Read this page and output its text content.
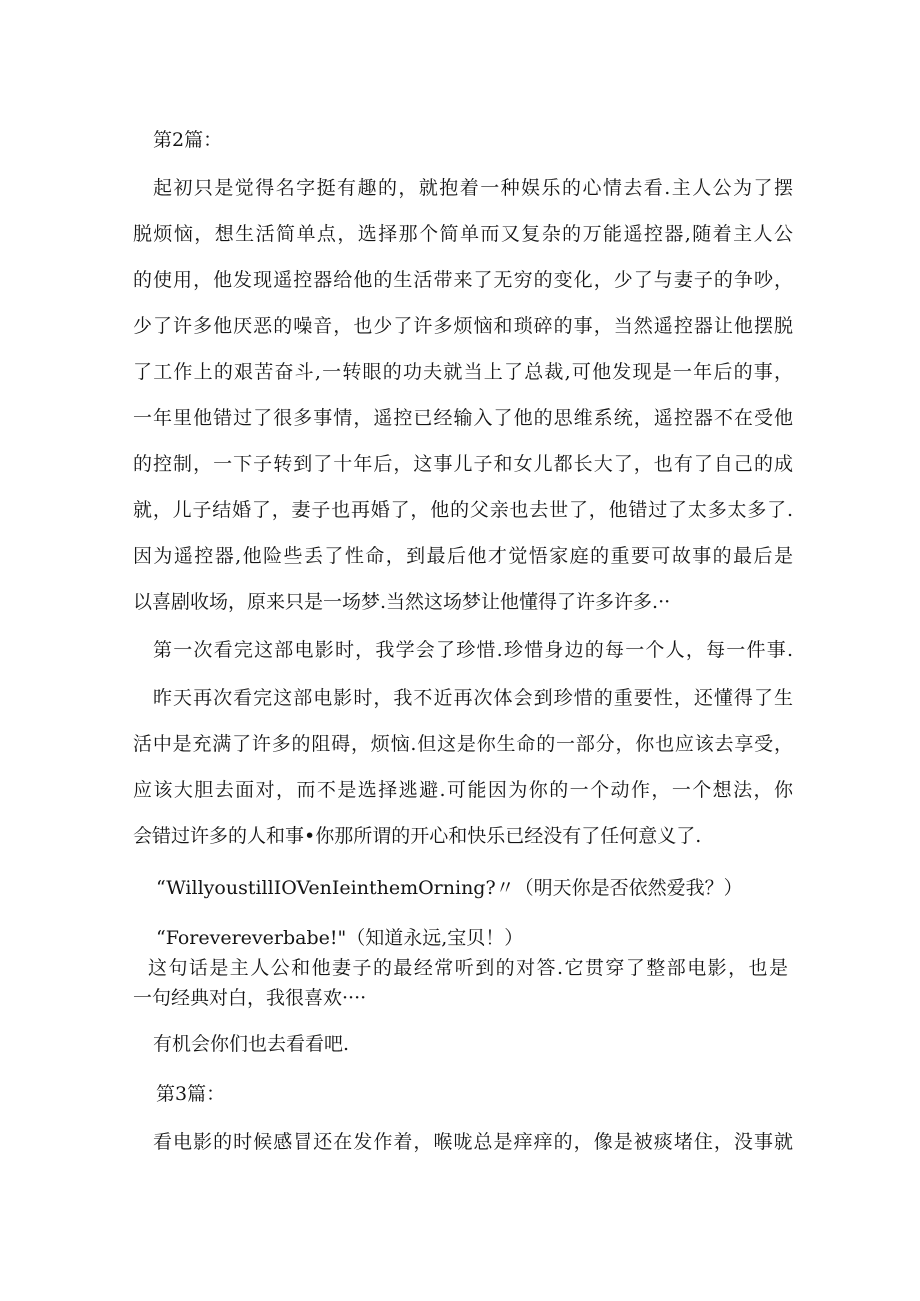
第2篇：
起初只是觉得名字挺有趣的，就抱着一种娱乐的心情去看.主人公为了摆
脱烦恼，想生活简单点，选择那个简单而又复杂的万能遥控器,随着主人公
的使用，他发现遥控器给他的生活带来了无穷的变化，少了与妻子的争吵，
少了许多他厌恶的噪音，也少了许多烦恼和琐碎的事，当然遥控器让他摆脱
了工作上的艰苦奋斗,一转眼的功夫就当上了总裁,可他发现是一年后的事，
一年里他错过了很多事情，遥控已经输入了他的思维系统，遥控器不在受他
的控制，一下子转到了十年后，这事儿子和女儿都长大了，也有了自己的成
就，儿子结婚了，妻子也再婚了，他的父亲也去世了，他错过了太多太多了.
因为遥控器,他险些丢了性命，到最后他才觉悟家庭的重要可故事的最后是
以喜剧收场，原来只是一场梦.当然这场梦让他懂得了许多许多.··
第一次看完这部电影时，我学会了珍惜.珍惜身边的每一个人，每一件事.
昨天再次看完这部电影时，我不近再次体会到珍惜的重要性，还懂得了生
活中是充满了许多的阻碍，烦恼.但这是你生命的一部分，你也应该去享受，
应该大胆去面对，而不是选择逃避.可能因为你的一个动作，一个想法，你
会错过许多的人和事•你那所谓的开心和快乐已经没有了任何意义了.
“WillyoustillIOVenIeinthemOrning?〃（明天你是否依然爱我？）
“Forevereverbabe!"（知道永远,宝贝！）
这句话是主人公和他妻子的最经常听到的对答.它贯穿了整部电影，也是
一句经典对白，我很喜欢····
有机会你们也去看看吧.
第3篇：
看电影的时候感冒还在发作着，喉咙总是痒痒的，像是被痰堵住，没事就
